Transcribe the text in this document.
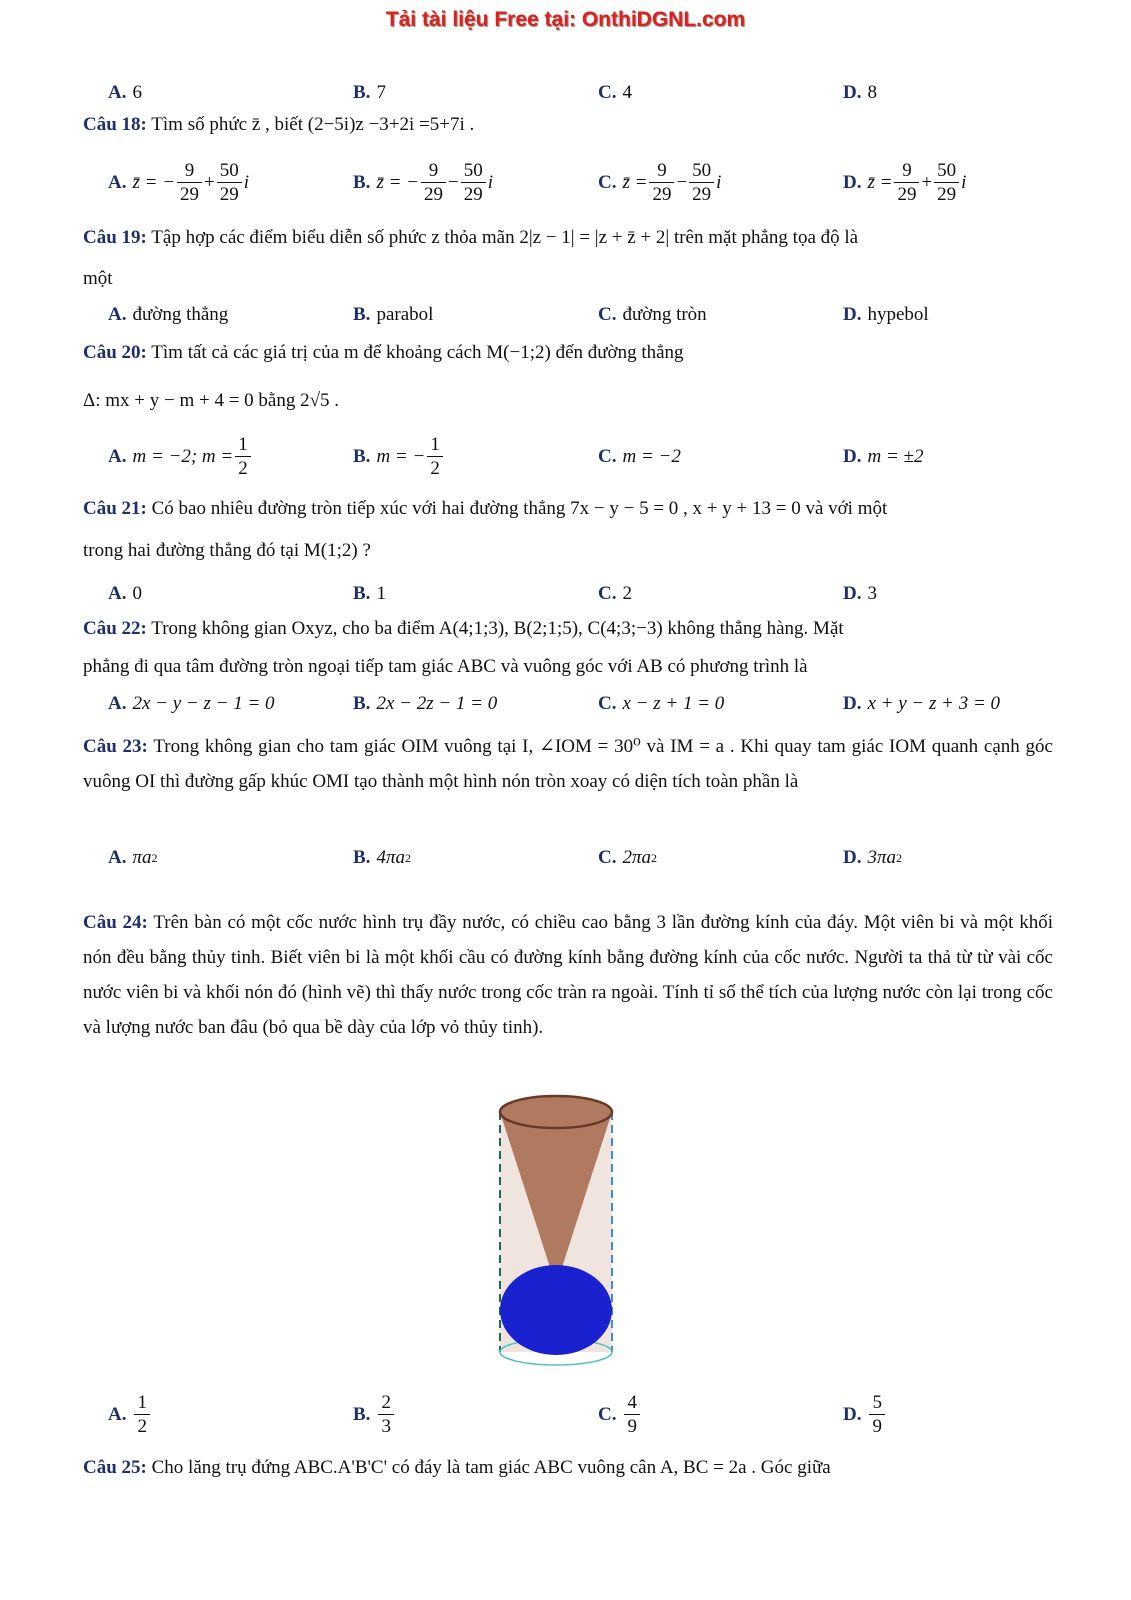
Tải tài liệu Free tại: OnthiDGNL.com
A. 6	B. 7	C. 4	D. 8
Câu 18: Tìm số phức z̄ , biết (2−5i)z −3+2i =5+7i .
A. z̄ = − $\frac{9}{29} + \frac{50}{29}$ i	B. z̄ = − $\frac{9}{29} - \frac{50}{29}$ i	C. z̄ = $\frac{9}{29} - \frac{50}{29}$ i	D. z̄ = $\frac{9}{29} + \frac{50}{29}$ i
Câu 19: Tập hợp các điểm biểu diễn số phức z thỏa mãn 2|z − 1| = |z + z̄ + 2| trên mặt phẳng tọa độ là
một
A. đường thẳng	B. parabol	C. đường tròn	D. hypebol
Câu 20: Tìm tất cả các giá trị của m để khoảng cách M(−1;2) đến đường thẳng
Δ: mx + y − m + 4 = 0 bằng 2√5 .
A. m = −2; $m = \frac{1}{2}$	B. m = − $\frac{1}{2}$	C. m = −2	D. m = ±2
Câu 21: Có bao nhiêu đường tròn tiếp xúc với hai đường thẳng 7x − y − 5 = 0 , x + y + 13 = 0 và với một
trong hai đường thẳng đó tại M(1;2) ?
A. 0	B. 1	C. 2	D. 3
Câu 22: Trong không gian Oxyz, cho ba điểm A(4;1;3), B(2;1;5), C(4;3;−3) không thẳng hàng. Mặt
phẳng đi qua tâm đường tròn ngoại tiếp tam giác ABC và vuông góc với AB có phương trình là
A. 2x − y − z − 1 = 0	B. 2x − 2z − 1 = 0	C. x − z + 1 = 0	D. x + y − z + 3 = 0
Câu 23: Trong không gian cho tam giác OIM vuông tại I, ∠IOM = 30⁰ và IM = a . Khi quay tam giác IOM quanh cạnh góc vuông OI thì đường gấp khúc OMI tạo thành một hình nón tròn xoay có diện tích toàn phần là
A. πa 2	B. 4πa 2	C. 2πa 2	D. 3πa 2
Câu 24: Trên bàn có một cốc nước hình trụ đầy nước, có chiều cao bằng 3 lần đường kính của đáy. Một viên bi và một khối nón đều bằng thủy tinh. Biết viên bi là một khối cầu có đường kính bằng đường kính của cốc nước. Người ta thả từ từ vài cốc nước viên bi và khối nón đó (hình vẽ) thì thấy nước trong cốc tràn ra ngoài. Tính tỉ số thể tích của lượng nước còn lại trong cốc và lượng nước ban đâu (bỏ qua bề dày của lớp vỏ thủy tinh).
A. $\frac{1}{2}$	B. $\frac{2}{3}$	C. $\frac{4}{9}$	D. $\frac{5}{9}$
Câu 25: Cho lăng trụ đứng ABC.A'B'C' có đáy là tam giác ABC vuông cân A, BC = 2a . Góc giữa
